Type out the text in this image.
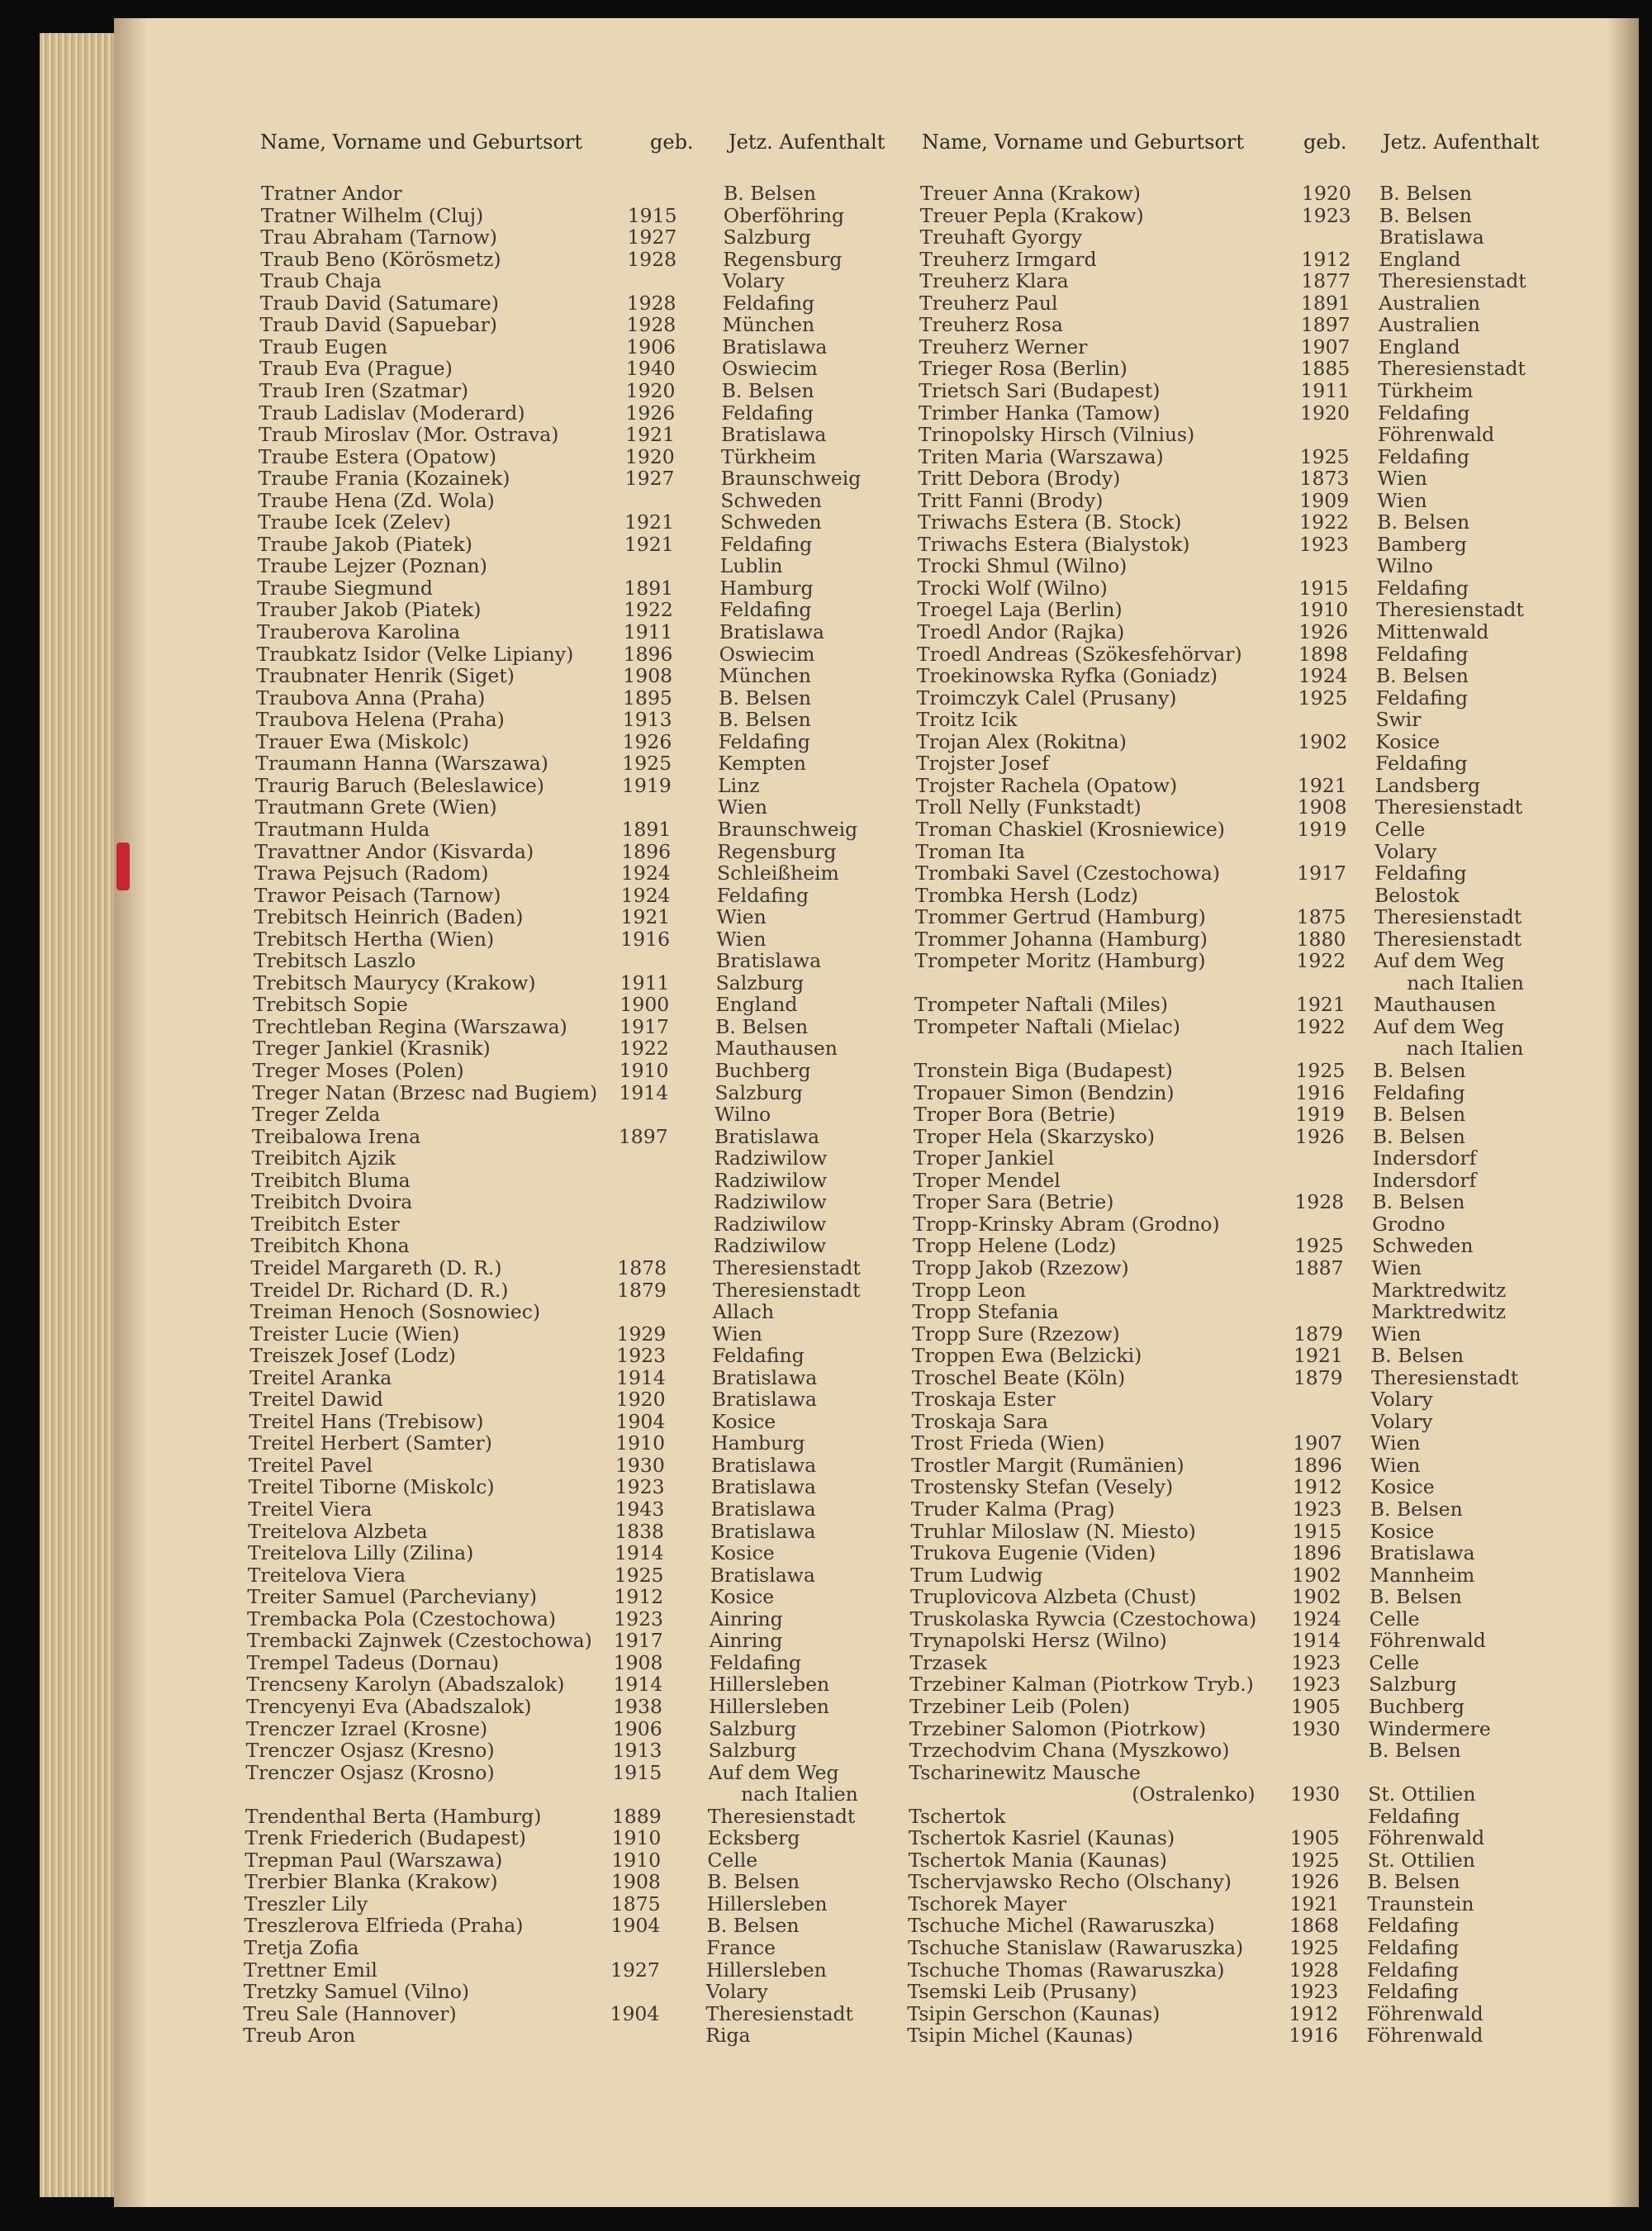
Name, Vorname und Geburtsort	geb. Jetz. Aufenthalt Name, Vorname und Geburtsort	geb. Jetz. Aufenthalt
Tratner Andor	B. Belsen
Tratner Wilhelm (Cluj)	1915 Oberföhring
Trau Abraham (Tarnow)	1927 Salzburg
Traub Beno (Körösmetz)	1928 Regensburg
Traub Chaja	Volary
Traub David (Satumare)	1928 Feldafing
Traub David (Sapuebar)	1928 München
Traub Eugen	1906 Bratislawa
Traub Eva (Prague)	1940 Oswiecim
Traub Iren (Szatmar)	1920 B. Belsen
Traub Ladislav (Moderard)	1926 Feldafing
Traub Miroslav (Mor. Ostrava)	1921 Bratislawa
Traube Estera (Opatow)	1920 Türkheim
Traube Frania (Kozainek)	1927 Braunschweig
Traube Hena (Zd. Wola)	Schweden
Traube Icek (Zelev)	1921 Schweden
Traube Jakob (Piatek)	1921 Feldafing
Traube Lejzer (Poznan)	Lublin
Traube Siegmund	1891 Hamburg
Trauber Jakob (Piatek)	1922 Feldafing
Trauberova Karolina	1911 Bratislawa
Traubkatz Isidor (Velke Lipiany)	1896 Oswiecim
Traubnater Henrik (Siget)	1908 München
Traubova Anna (Praha)	1895 B. Belsen
Traubova Helena (Praha)	1913 B. Belsen
Trauer Ewa (Miskolc)	1926 Feldafing
Traumann Hanna (Warszawa)	1925 Kempten
Traurig Baruch (Beleslawice)	1919 Linz
Trautmann Grete (Wien)	Wien
Trautmann Hulda	1891 Braunschweig
Travattner Andor (Kisvarda)	1896 Regensburg
Trawa Pejsuch (Radom)	1924 Schleißheim
Trawor Peisach (Tarnow)	1924 Feldafing
Trebitsch Heinrich (Baden)	1921 Wien
Trebitsch Hertha (Wien)	1916 Wien
Trebitsch Laszlo	Bratislawa
Trebitsch Maurycy (Krakow)	1911 Salzburg
Trebitsch Sopie	1900 England
Trechtleban Regina (Warszawa)	1917 B. Belsen
Treger Jankiel (Krasnik)	1922 Mauthausen
Treger Moses (Polen)	1910 Buchberg
Treger Natan (Brzesc nad Bugiem) 1914 Salzburg
Treger Zelda	Wilno
Treibalowa Irena	1897 Bratislawa
Treibitch Ajzik	Radziwilow
Treibitch Bluma	Radziwilow
Treibitch Dvoira	Radziwilow
Treibitch Ester	Radziwilow
Treibitch Khona	Radziwilow
Treidel Margareth (D. R.)	1878 Theresienstadt
Treidel Dr. Richard (D. R.)	1879 Theresienstadt
Treiman Henoch (Sosnowiec)	Allach
Treister Lucie (Wien)	1929 Wien
Treiszek Josef (Lodz)	1923 Feldafing
Treitel Aranka	1914 Bratislawa
Treitel Dawid	1920 Bratislawa
Treitel Hans (Trebisow)	1904 Kosice
Treitel Herbert (Samter)	1910 Hamburg
Treitel Pavel	1930 Bratislawa
Treitel Tiborne (Miskolc)	1923 Bratislawa
Treitel Viera	1943 Bratislawa
Treitelova Alzbeta	1838 Bratislawa
Treitelova Lilly (Zilina)	1914 Kosice
Treitelova Viera	1925 Bratislawa
Treiter Samuel (Parcheviany)	1912 Kosice
Trembacka Pola (Czestochowa)	1923 Ainring
Trembacki Zajnwek (Czestochowa) 1917 Ainring
Trempel Tadeus (Dornau)	1908 Feldafing
Trencseny Karolyn (Abadszalok)	1914 Hillersleben
Trencyenyi Eva (Abadszalok)	1938 Hillersleben
Trenczer Izrael (Krosne)	1906 Salzburg
Trenczer Osjasz (Kresno)	1913 Salzburg
Trenczer Osjasz (Krosno)	1915 Auf dem Weg
nach Italien
Trendenthal Berta (Hamburg)	1889 Theresienstadt
Trenk Friederich (Budapest)	1910 Ecksberg
Trepman Paul (Warszawa)	1910 Celle
Trerbier Blanka (Krakow)	1908 B. Belsen
Treszler Lily	1875 Hillersleben
Treszlerova Elfrieda (Praha)	1904 B. Belsen
Tretja Zofia	France
Trettner Emil	1927 Hillersleben
Tretzky Samuel (Vilno)	Volary
Treu Sale (Hannover)	1904 Theresienstadt
Treub Aron	Riga
Treuer Anna (Krakow)	1920 B. Belsen
Treuer Pepla (Krakow)	1923 B. Belsen
Treuhaft Gyorgy	Bratislawa
Treuherz Irmgard	1912 England
Treuherz Klara	1877 Theresienstadt
Treuherz Paul	1891 Australien
Treuherz Rosa	1897 Australien
Treuherz Werner	1907 England
Trieger Rosa (Berlin)	1885 Theresienstadt
Trietsch Sari (Budapest)	1911 Türkheim
Trimber Hanka (Tamow)	1920 Feldafing
Trinopolsky Hirsch (Vilnius)	Föhrenwald
Triten Maria (Warszawa)	1925 Feldafing
Tritt Debora (Brody)	1873 Wien
Tritt Fanni (Brody)	1909 Wien
Triwachs Estera (B. Stock)	1922 B. Belsen
Triwachs Estera (Bialystok)	1923 Bamberg
Trocki Shmul (Wilno)	Wilno
Trocki Wolf (Wilno)	1915 Feldafing
Troegel Laja (Berlin)	1910 Theresienstadt
Troedl Andor (Rajka)	1926 Mittenwald
Troedl Andreas (Szökesfehörvar)	1898 Feldafing
Troekinowska Ryfka (Goniadz)	1924 B. Belsen
Troimczyk Calel (Prusany)	1925 Feldafing
Troitz Icik	Swir
Trojan Alex (Rokitna)	1902 Kosice
Trojster Josef	Feldafing
Trojster Rachela (Opatow)	1921 Landsberg
Troll Nelly (Funkstadt)	1908 Theresienstadt
Troman Chaskiel (Krosniewice)	1919 Celle
Troman Ita	Volary
Trombaki Savel (Czestochowa)	1917 Feldafing
Trombka Hersh (Lodz)	Belostok
Trommer Gertrud (Hamburg)	1875 Theresienstadt
Trommer Johanna (Hamburg)	1880 Theresienstadt
Trompeter Moritz (Hamburg)	1922 Auf dem Weg
nach Italien
Trompeter Naftali (Miles)	1921 Mauthausen
Trompeter Naftali (Mielac)	1922 Auf dem Weg
nach Italien
Tronstein Biga (Budapest)	1925 B. Belsen
Tropauer Simon (Bendzin)	1916 Feldafing
Troper Bora (Betrie)	1919 B. Belsen
Troper Hela (Skarzysko)	1926 B. Belsen
Troper Jankiel	Indersdorf
Troper Mendel	Indersdorf
Troper Sara (Betrie)	1928 B. Belsen
Tropp-Krinsky Abram (Grodno)	Grodno
Tropp Helene (Lodz)	1925 Schweden
Tropp Jakob (Rzezow)	1887 Wien
Tropp Leon	Marktredwitz
Tropp Stefania	Marktredwitz
Tropp Sure (Rzezow)	1879 Wien
Troppen Ewa (Belzicki)	1921 B. Belsen
Troschel Beate (Köln)	1879 Theresienstadt
Troskaja Ester	Volary
Troskaja Sara	Volary
Trost Frieda (Wien)	1907 Wien
Trostler Margit (Rumänien)	1896 Wien
Trostensky Stefan (Vesely)	1912 Kosice
Truder Kalma (Prag)	1923 B. Belsen
Truhlar Miloslaw (N. Miesto)	1915 Kosice
Trukova Eugenie (Viden)	1896 Bratislawa
Trum Ludwig	1902 Mannheim
Truplovicova Alzbeta (Chust)	1902 B. Belsen
Truskolaska Rywcia (Czestochowa) 1924 Celle
Trynapolski Hersz (Wilno)	1914 Föhrenwald
Trzasek	1923 Celle
Trzebiner Kalman (Piotrkow Tryb.) 1923 Salzburg
Trzebiner Leib (Polen)	1905 Buchberg
Trzebiner Salomon (Piotrkow)	1930 Windermere
Trzechodvim Chana (Myszkowo)	B. Belsen
Tscharinewitz Mausche
(Ostralenko) 1930 St. Ottilien
Tschertok	Feldafing
Tschertok Kasriel (Kaunas)	1905 Föhrenwald
Tschertok Mania (Kaunas)	1925 St. Ottilien
Tschervjawsko Recho (Olschany)	1926 B. Belsen
Tschorek Mayer	1921 Traunstein
Tschuche Michel (Rawaruszka)	1868 Feldafing
Tschuche Stanislaw (Rawaruszka) 1925 Feldafing
Tschuche Thomas (Rawaruszka)	1928 Feldafing
Tsemski Leib (Prusany)	1923 Feldafing
Tsipin Gerschon (Kaunas)	1912 Föhrenwald
Tsipin Michel (Kaunas)	1916 Föhrenwald
